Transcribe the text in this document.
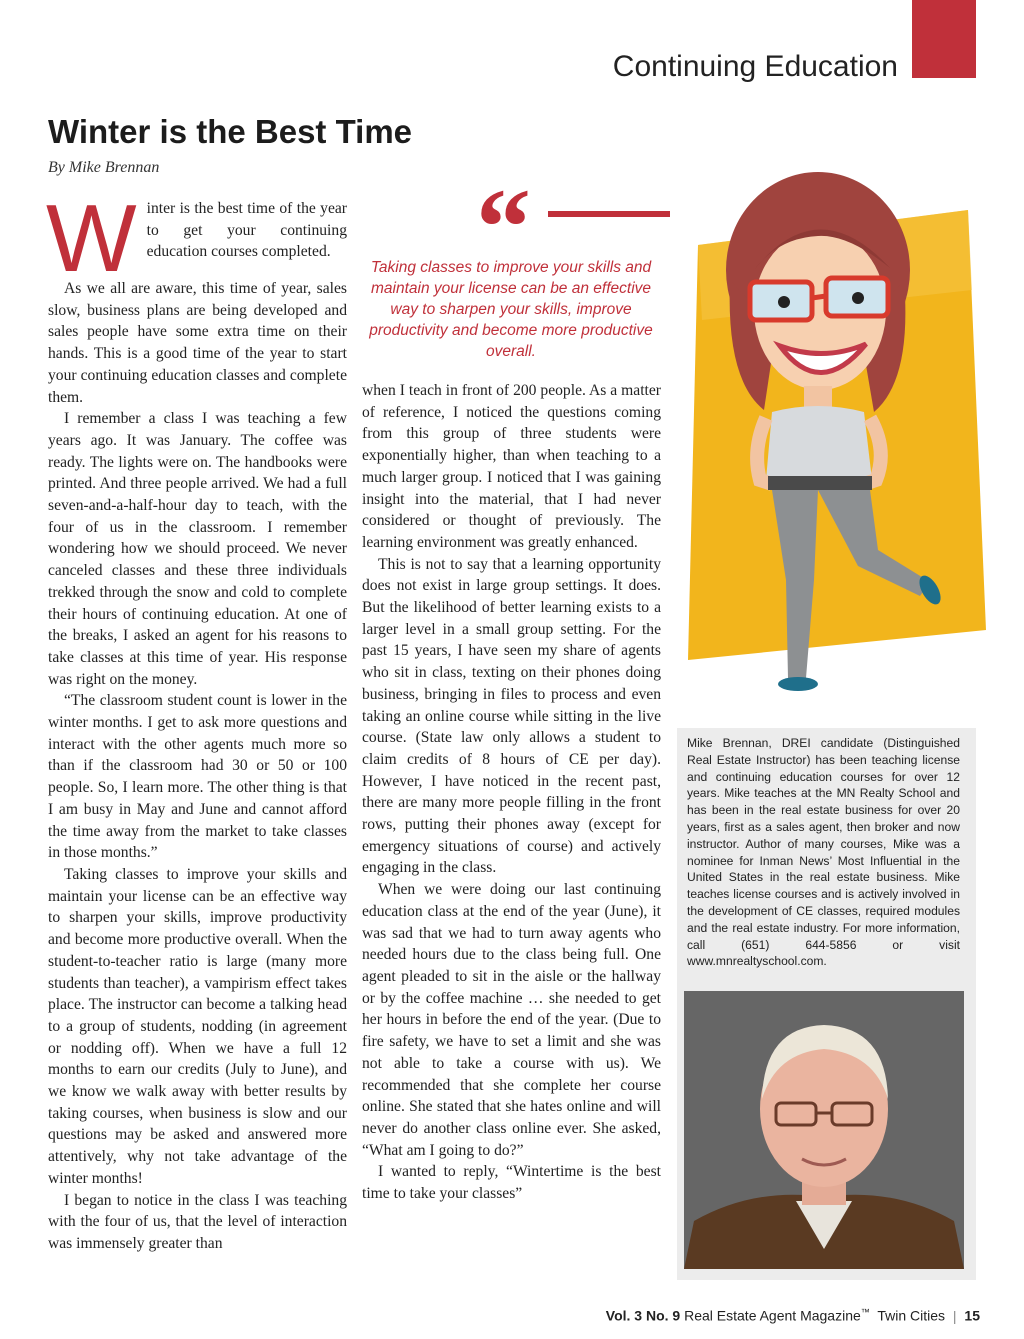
Continuing Education
Winter is the Best Time
By Mike Brennan

Winter is the best time of the year to get your continuing education courses completed.

As we all are aware, this time of year, sales slow, business plans are being developed and sales people have some extra time on their hands. This is a good time of the year to start your continuing education classes and complete them.

I remember a class I was teaching a few years ago. It was January. The coffee was ready. The lights were on. The handbooks were printed. And three people arrived. We had a full seven-and-a-half-hour day to teach, with the four of us in the classroom. I remember wondering how we should proceed. We never canceled classes and these three individuals trekked through the snow and cold to complete their hours of continuing education. At one of the breaks, I asked an agent for his reasons to take classes at this time of year. His response was right on the money.

“The classroom student count is lower in the winter months. I get to ask more questions and interact with the other agents much more so than if the classroom had 30 or 50 or 100 people. So, I learn more. The other thing is that I am busy in May and June and cannot afford the time away from the market to take classes in those months.”

Taking classes to improve your skills and maintain your license can be an effective way to sharpen your skills, improve productivity and become more productive overall. When the student-to-teacher ratio is large (many more students than teacher), a vampirism effect takes place. The instructor can become a talking head to a group of students, nodding (in agreement or nodding off). When we have a full 12 months to earn our credits (July to June), and we know we walk away with better results by taking courses, when business is slow and our questions may be asked and answered more attentively, why not take advantage of the winter months!

I began to notice in the class I was teaching with the four of us, that the level of interaction was immensely greater than

“
Taking classes to improve your skills and maintain your license can be an effective way to sharpen your skills, improve productivity and become more productive overall.

when I teach in front of 200 people. As a matter of reference, I noticed the questions coming from this group of three students were exponentially higher, than when teaching to a much larger group. I noticed that I was gaining insight into the material, that I had never considered or thought of previously. The learning environment was greatly enhanced.

This is not to say that a learning opportunity does not exist in large group settings. It does. But the likelihood of better learning exists to a larger level in a small group setting. For the past 15 years, I have seen my share of agents who sit in class, texting on their phones doing business, bringing in files to process and even taking an online course while sitting in the live course. (State law only allows a student to claim credits of 8 hours of CE per day). However, I have noticed in the recent past, there are many more people filling in the front rows, putting their phones away (except for emergency situations of course) and actively engaging in the class.

When we were doing our last continuing education class at the end of the year (June), it was sad that we had to turn away agents who needed hours due to the class being full. One agent pleaded to sit in the aisle or the hallway or by the coffee machine … she needed to get her hours in before the end of the year. (Due to fire safety, we have to set a limit and she was not able to take a course with us). We recommended that she complete her course online. She stated that she hates online and will never do another class online ever. She asked, “What am I going to do?”

I wanted to reply, “Wintertime is the best time to take your classes”

Mike Brennan, DREI candidate (Distinguished Real Estate Instructor) has been teaching license and continuing education courses for over 12 years. Mike teaches at the MN Realty School and has been in the real estate business for over 20 years, first as a sales agent, then broker and now instructor. Author of many courses, Mike was a nominee for Inman News’ Most Influential in the United States in the real estate business. Mike teaches license courses and is actively involved in the development of CE classes, required modules and the real estate industry. For more information, call (651) 644-5856 or visit www.mnrealtyschool.com.
Vol. 3 No. 9 Real Estate Agent Magazine™ Twin Cities | 15
